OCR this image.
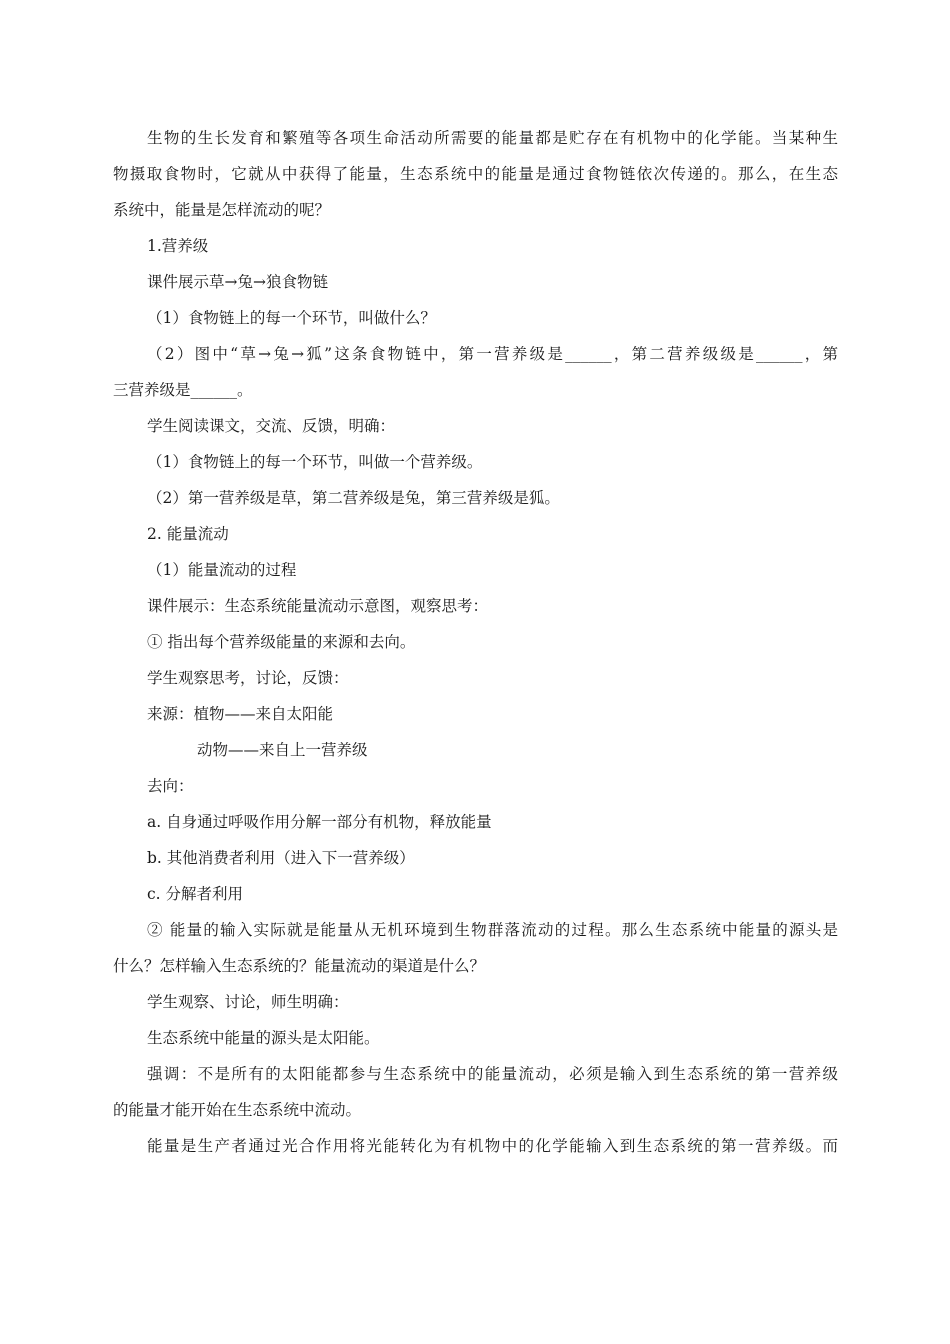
生物的生长发育和繁殖等各项生命活动所需要的能量都是贮存在有机物中的化学能。当某种生
物摄取食物时，它就从中获得了能量，生态系统中的能量是通过食物链依次传递的。那么，在生态
系统中，能量是怎样流动的呢？
1.营养级
课件展示草→兔→狼食物链
（1）食物链上的每一个环节，叫做什么？
（2）图中“草→兔→狐”这条食物链中，第一营养级是______，第二营养级级是______，第
三营养级是______。
学生阅读课文，交流、反馈，明确：
（1）食物链上的每一个环节，叫做一个营养级。
（2）第一营养级是草，第二营养级是兔，第三营养级是狐。
2. 能量流动
（1）能量流动的过程
课件展示：生态系统能量流动示意图，观察思考：
① 指出每个营养级能量的来源和去向。
学生观察思考，讨论，反馈：
来源：植物——来自太阳能
动物——来自上一营养级
去向：
a. 自身通过呼吸作用分解一部分有机物，释放能量
b. 其他消费者利用（进入下一营养级）
c. 分解者利用
② 能量的输入实际就是能量从无机环境到生物群落流动的过程。那么生态系统中能量的源头是
什么？怎样输入生态系统的？能量流动的渠道是什么？
学生观察、讨论，师生明确：
生态系统中能量的源头是太阳能。
强调：不是所有的太阳能都参与生态系统中的能量流动，必须是输入到生态系统的第一营养级
的能量才能开始在生态系统中流动。
能量是生产者通过光合作用将光能转化为有机物中的化学能输入到生态系统的第一营养级。而
